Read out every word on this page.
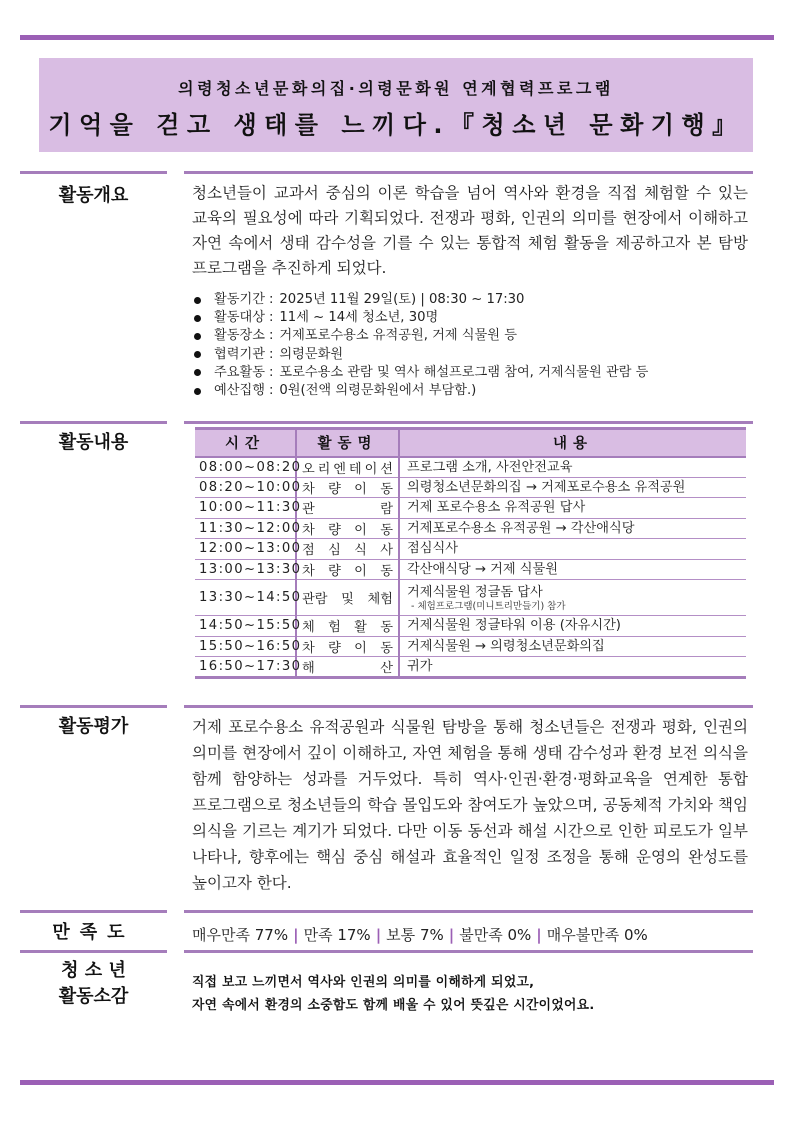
의령청소년문화의집·의령문화원 연계협력프로그램
기억을 걷고 생태를 느끼다.『청소년 문화기행』
활동개요	청소년들이 교과서 중심의 이론 학습을 넘어 역사와 환경을 직접 체험할 수 있는 교육의 필요성에 따라 기획되었다. 전쟁과 평화, 인권의 의미를 현장에서 이해하고 자연 속에서 생태 감수성을 기를 수 있는 통합적 체험 활동을 제공하고자 본 탐방 프로그램을 추진하게 되었다.
활동기간 : 2025년 11월 29일(토) | 08:30 ~ 17:30
활동대상 : 11세 ~ 14세 청소년, 30명
활동장소 : 거제포로수용소 유적공원, 거제 식물원 등
협력기관 : 의령문화원
주요활동 : 포로수용소 관람 및 역사 해설프로그램 참여, 거제식물원 관람 등
예산집행 : 0원(전액 의령문화원에서 부담함.)
활동내용	시간	활동명	내용
08:00~08:20	오 리 엔 테 이 션	프로그램 소개, 사전안전교육

08:20~10:00	차 량 이 동	의령청소년문화의집 → 거제포로수용소 유적공원

10:00~11:30	관 람	거제 포로수용소 유적공원 답사

11:30~12:00	차 량 이 동	거제포로수용소 유적공원 → 각산애식당

12:00~13:00	점 심 식 사	점심식사

13:00~13:30	차 량 이 동	각산애식당 → 거제 식물원

13:30~14:50	관람 및 체험	거제식물원 정글돔 답사
- 체험프로그램(미니트리만들기) 참가

14:50~15:50	체 험 활 동	거제식물원 정글타워 이용 (자유시간)

15:50~16:50	차 량 이 동	거제식물원 → 의령청소년문화의집

16:50~17:30	해 산	귀가
활동평가	거제 포로수용소 유적공원과 식물원 탐방을 통해 청소년들은 전쟁과 평화, 인권의 의미를 현장에서 깊이 이해하고, 자연 체험을 통해 생태 감수성과 환경 보전 의식을 함께 함양하는 성과를 거두었다. 특히 역사·인권·환경·평화교육을 연계한 통합 프로그램으로 청소년들의 학습 몰입도와 참여도가 높았으며, 공동체적 가치와 책임 의식을 기르는 계기가 되었다. 다만 이동 동선과 해설 시간으로 인한 피로도가 일부 나타나, 향후에는 핵심 중심 해설과 효율적인 일정 조정을 통해 운영의 완성도를 높이고자 한다.
만족도	매우만족 77% | 만족 17% | 보통 7% | 불만족 0% | 매우불만족 0%
청 소 년
활동소감
직접 보고 느끼면서 역사와 인권의 의미를 이해하게 되었고,
자연 속에서 환경의 소중함도 함께 배울 수 있어 뜻깊은 시간이었어요.
